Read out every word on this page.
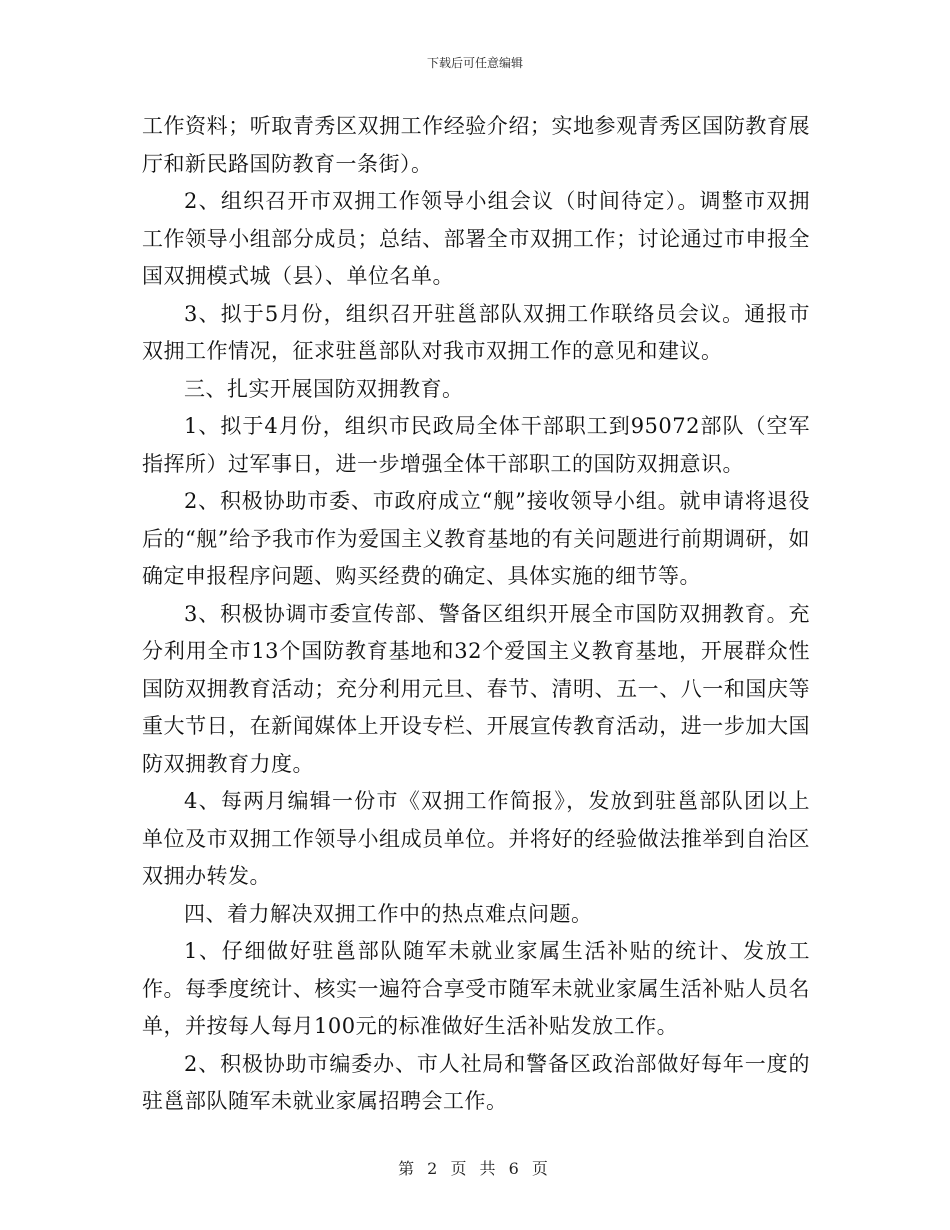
下载后可任意编辑

工作资料；听取青秀区双拥工作经验介绍；实地参观青秀区国防教育展厅和新民路国防教育一条街）。

2、组织召开市双拥工作领导小组会议（时间待定）。调整市双拥工作领导小组部分成员；总结、部署全市双拥工作；讨论通过市申报全国双拥模式城（县）、单位名单。

3、拟于5月份，组织召开驻邕部队双拥工作联络员会议。通报市双拥工作情况，征求驻邕部队对我市双拥工作的意见和建议。

三、扎实开展国防双拥教育。

1、拟于4月份，组织市民政局全体干部职工到95072部队（空军指挥所）过军事日，进一步增强全体干部职工的国防双拥意识。

2、积极协助市委、市政府成立“舰”接收领导小组。就申请将退役后的“舰”给予我市作为爱国主义教育基地的有关问题进行前期调研，如确定申报程序问题、购买经费的确定、具体实施的细节等。

3、积极协调市委宣传部、警备区组织开展全市国防双拥教育。充分利用全市13个国防教育基地和32个爱国主义教育基地，开展群众性国防双拥教育活动；充分利用元旦、春节、清明、五一、八一和国庆等重大节日，在新闻媒体上开设专栏、开展宣传教育活动，进一步加大国防双拥教育力度。

4、每两月编辑一份市《双拥工作简报》，发放到驻邕部队团以上单位及市双拥工作领导小组成员单位。并将好的经验做法推举到自治区双拥办转发。

四、着力解决双拥工作中的热点难点问题。

1、仔细做好驻邕部队随军未就业家属生活补贴的统计、发放工作。每季度统计、核实一遍符合享受市随军未就业家属生活补贴人员名单，并按每人每月100元的标准做好生活补贴发放工作。

2、积极协助市编委办、市人社局和警备区政治部做好每年一度的驻邕部队随军未就业家属招聘会工作。

第 2 页 共 6 页
